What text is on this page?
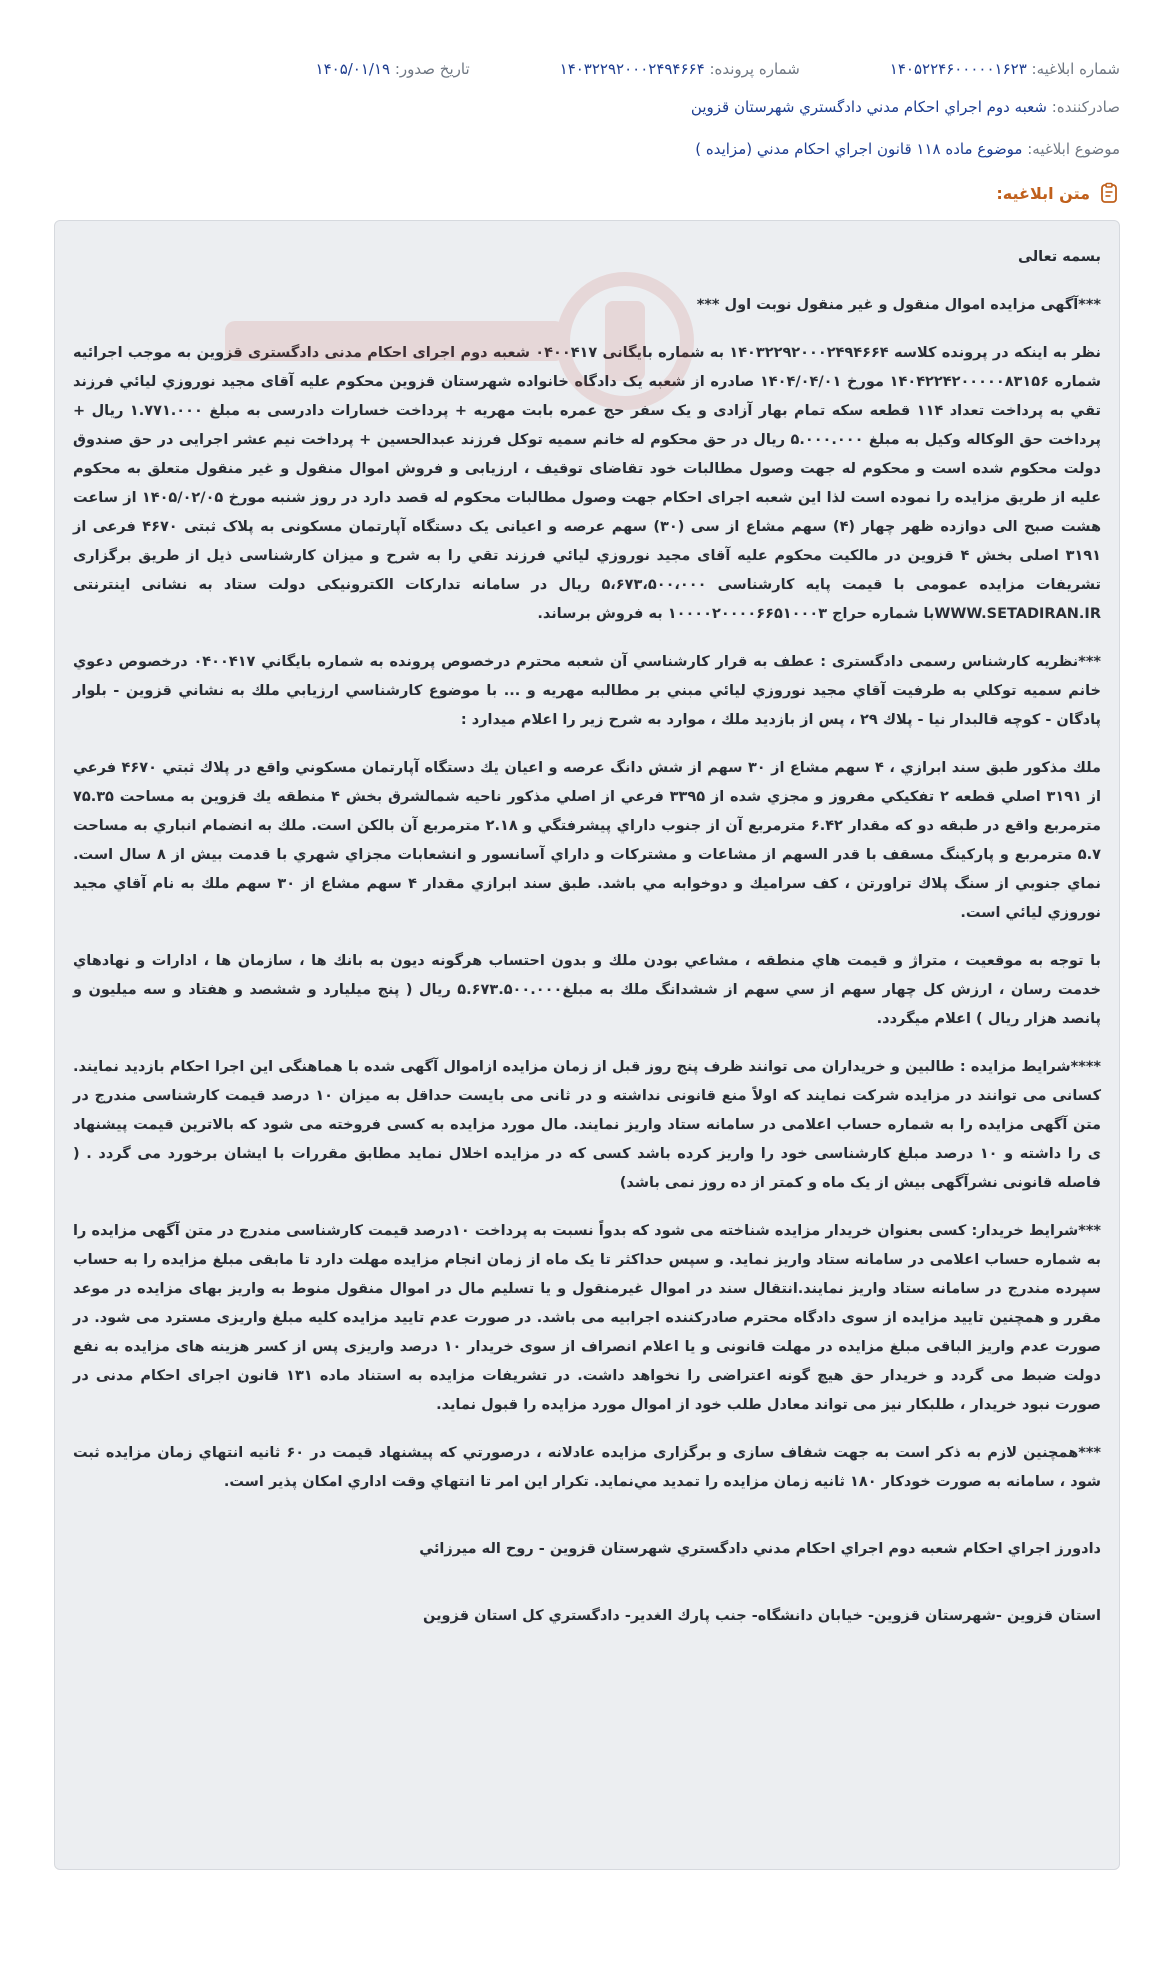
شماره ابلاغيه: ۱۴۰۵۲۲۴۶۰۰۰۰۰۱۶۲۳
شماره پرونده: ۱۴۰۳۲۲۹۲۰۰۰۲۴۹۴۶۶۴
تاريخ صدور: ۱۴۰۵/۰۱/۱۹
صادرکننده: شعبه دوم اجراي احكام مدني دادگستري شهرستان قزوين
موضوع ابلاغيه: موضوع ماده ۱۱۸ قانون اجراي احكام مدني (مزايده )
متن ابلاغيه:

بسمه تعالی

***آگهی مزایده اموال منقول و غیر منقول نوبت اول ***

نظر به اینکه در پرونده کلاسه ۱۴۰۳۲۲۹۲۰۰۰۲۴۹۴۶۶۴ به شماره بایگانی ۰۴۰۰۴۱۷ شعبه دوم اجرای احکام مدنی دادگستری قزوین به موجب اجرائیه شماره ۱۴۰۴۲۲۴۲۰۰۰۰۰۸۳۱۵۶ مورخ ۱۴۰۴/۰۴/۰۱ صادره از شعبه یک دادگاه خانواده شهرستان قزوین محکوم علیه آقای مجید نوروزي ليائي فرزند تقي به پرداخت تعداد ۱۱۴ قطعه سکه تمام بهار آزادی و یک سفر حج عمره بابت مهریه + پرداخت خسارات دادرسی به مبلغ ۱.۷۷۱.۰۰۰ ریال + پرداخت حق الوکاله وکیل به مبلغ ۵.۰۰۰.۰۰۰ ریال در حق محکوم له خانم سمیه توکل فرزند عبدالحسین + پرداخت نیم عشر اجرایی در حق صندوق دولت محکوم شده است و محکوم له جهت وصول مطالبات خود تقاضای توقیف ، ارزیابی و فروش اموال منقول و غیر منقول متعلق به محکوم علیه از طریق مزایده را نموده است لذا این شعبه اجرای احکام جهت وصول مطالبات محکوم له قصد دارد در روز شنبه مورخ ۱۴۰۵/۰۲/۰۵ از ساعت هشت صبح الی دوازده ظهر چهار (۴) سهم مشاع از سی (۳۰) سهم عرصه و اعیانی یک دستگاه آپارتمان مسکونی به پلاک ثبتی ۴۶۷۰ فرعی از ۳۱۹۱ اصلی بخش ۴ قزوین در مالکیت محکوم علیه آقای مجید نوروزي ليائي فرزند تقي را به شرح و میزان کارشناسی ذیل از طریق برگزاری تشریفات مزایده عمومی با قیمت پایه کارشناسی ۵،۶۷۳،۵۰۰،۰۰۰ ریال در سامانه تدارکات الکترونیکی دولت ستاد به نشانی اینترنتی WWW.SETADIRAN.IRبا شماره حراج ۱۰۰۰۰۲۰۰۰۰۶۶۵۱۰۰۰۳ به فروش برساند.

***نظريه كارشناس رسمی دادگستری : عطف به قرار كارشناسي آن شعبه محترم درخصوص پرونده به شماره بايگاني ۰۴۰۰۴۱۷ درخصوص دعوي خانم سميه توكلي به طرفيت آقاي مجيد نوروزي ليائي مبني بر مطالبه مهريه و ... با موضوع كارشناسي ارزيابي ملك به نشاني قزوين - بلوار پادگان - كوچه قالبدار نيا - پلاك ۲۹ ، پس از بازديد ملك ، موارد به شرح زير را اعلام ميدارد :

ملك مذكور طبق سند ابرازي ، ۴ سهم مشاع از ۳۰ سهم از شش دانگ عرصه و اعيان يك دستگاه آپارتمان مسكوني واقع در پلاك ثبتي ۴۶۷۰ فرعي از ۳۱۹۱ اصلي قطعه ۲ تفكيكي مفروز و مجزي شده از ۳۳۹۵ فرعي از اصلي مذكور ناحيه شمالشرق بخش ۴ منطقه يك قزوين به مساحت ۷۵.۳۵ مترمربع واقع در طبقه دو كه مقدار ۶.۴۲ مترمربع آن از جنوب داراي پيشرفتگي و ۲.۱۸ مترمربع آن بالكن است. ملك به انضمام انباري به مساحت ۵.۷ مترمربع و پاركينگ مسقف با قدر السهم از مشاعات و مشتركات و داراي آسانسور و انشعابات مجزاي شهري با قدمت بيش از ۸ سال است. نماي جنوبي از سنگ پلاك تراورتن ، كف سراميك و دوخوابه مي باشد. طبق سند ابرازي مقدار ۴ سهم مشاع از ۳۰ سهم ملك به نام آقاي مجيد نوروزي ليائي است.

با توجه به موقعيت ، متراژ و قيمت هاي منطقه ، مشاعي بودن ملك و بدون احتساب هرگونه ديون به بانك ها ، سازمان ها ، ادارات و نهادهاي خدمت رسان ، ارزش كل چهار سهم از سي سهم از ششدانگ ملك به مبلغ۵.۶۷۳.۵۰۰.۰۰۰ ريال ( پنج ميليارد و ششصد و هفتاد و سه ميليون و پانصد هزار ريال ) اعلام ميگردد.

****شرایط مزایده : طالبین و خریداران می توانند ظرف پنج روز قبل از زمان مزایده ازاموال آگهی شده با هماهنگی این اجرا احکام بازدید نمایند. کسانی می توانند در مزایده شرکت نمایند که اولاً منع قانونی نداشته و در ثانی می بایست حداقل به میزان ۱۰ درصد قیمت کارشناسی مندرج در متن آگهی مزایده را به شماره حساب اعلامی در سامانه ستاد واریز نمایند. مال مورد مزایده به کسی فروخته می شود که بالاترین قیمت پیشنهاد ی را داشته و ۱۰ درصد مبلغ کارشناسی خود را واریز کرده باشد کسی که در مزایده اخلال نماید مطابق مقررات با ایشان برخورد می گردد . ( فاصله قانونی نشرآگهی بیش از یک ماه و کمتر از ده روز نمی باشد)

***شرایط خریدار: کسی بعنوان خریدار مزایده شناخته می شود که بدواً نسبت به پرداخت ۱۰درصد قیمت کارشناسی مندرج در متن آگهی مزایده را به شماره حساب اعلامی در سامانه ستاد واریز نماید. و سپس حداکثر تا یک ماه از زمان انجام مزایده مهلت دارد تا مابقی مبلغ مزایده را به حساب سپرده مندرج در سامانه ستاد واریز نمایند.انتقال سند در اموال غیرمنقول و یا تسلیم مال در اموال منقول منوط به واریز بهای مزایده در موعد مقرر و همچنین تایید مزایده از سوی دادگاه محترم صادرکننده اجرابیه می باشد. در صورت عدم تایید مزایده کلیه مبلغ واریزی مسترد می شود. در صورت عدم واریز الباقی مبلغ مزایده در مهلت قانونی و یا اعلام انصراف از سوی خریدار ۱۰ درصد واریزی پس از کسر هزینه های مزایده به نفع دولت ضبط می گردد و خریدار حق هیچ گونه اعتراضی را نخواهد داشت. در تشریفات مزایده به استناد ماده ۱۳۱ قانون اجرای احکام مدنی در صورت نبود خریدار ، طلبکار نیز می تواند معادل طلب خود از اموال مورد مزایده را قبول نماید.

***همچنین لازم به ذکر است به جهت شفاف سازی و برگزاری مزایده عادلانه ، درصورتي که پيشنهاد قيمت در ۶۰ ثانيه انتهاي زمان مزايده ثبت شود ، سامانه به صورت خودکار ۱۸۰ ثانيه زمان مزايده را تمديد مي‌نمايد. تکرار اين امر تا انتهاي وقت اداري امکان پذير است.

دادورز اجراي احكام شعبه دوم اجراي احكام مدني دادگستري شهرستان قزوين - روح اله ميرزائي

استان قزوين -شهرستان قزوين- خيابان دانشگاه- جنب پارك الغدير- دادگستري كل استان قزوين
